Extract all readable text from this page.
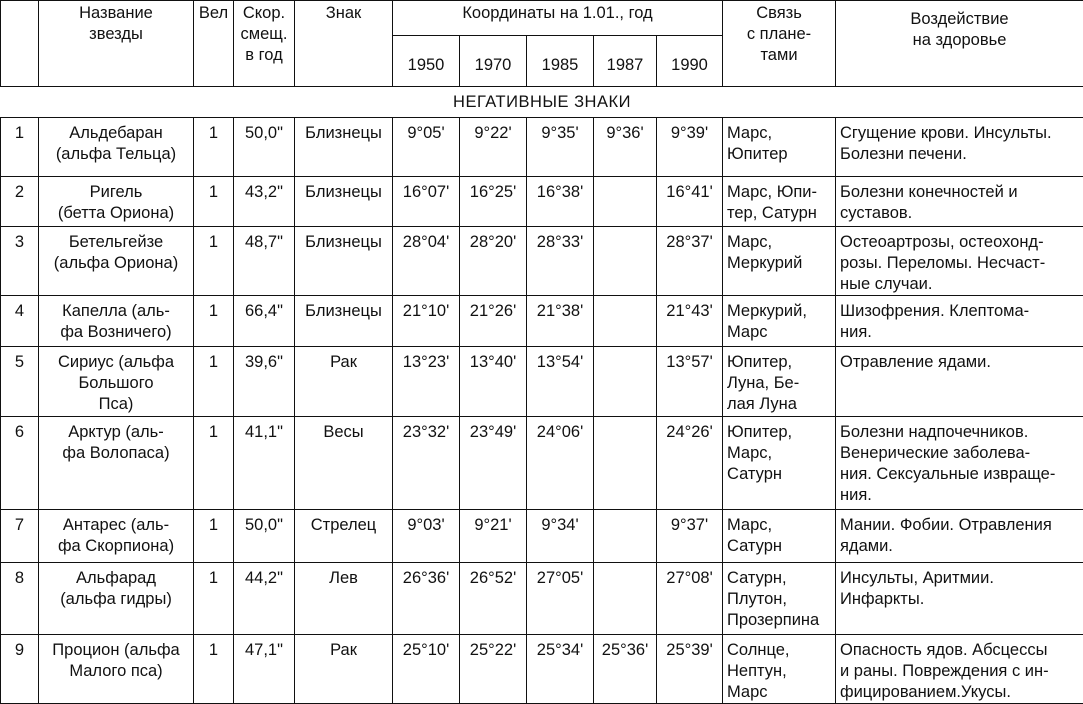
	Название
звезды	Вел	Скор.
смещ.
в год	Знак	Координаты на 1.01., год					Связь
с плане-
тами	Воздействие
на здоровье

					1950	1970	1985	1987	1990		
НЕГАТИВНЫЕ ЗНАКИ											
1	Альдебаран
(альфа Тельца)	1	50,0"	Близнецы	9°05'	9°22'	9°35'	9°36'	9°39'	Марс,
Юпитер	Сгущение крови. Инсульты.
Болезни печени.

2	Ригель
(бетта Ориона)	1	43,2"	Близнецы	16°07'	16°25'	16°38'		16°41'	Марс, Юпи-
тер, Сатурн	Болезни конечностей и
суставов.

3	Бетельгейзе
(альфа Ориона)	1	48,7"	Близнецы	28°04'	28°20'	28°33'		28°37'	Марс,
Меркурий	Остеоартрозы, остеохонд-
розы. Переломы. Несчаст-
ные случаи.

4	Капелла (аль-
фа Возничего)	1	66,4"	Близнецы	21°10'	21°26'	21°38'		21°43'	Меркурий,
Марс	Шизофрения. Клептома-
ния.

5	Сириус (альфа
Большого
Пса)	1	39,6"	Рак	13°23'	13°40'	13°54'		13°57'	Юпитер,
Луна, Бе-
лая Луна	Отравление ядами.

6	Арктур (аль-
фа Волопаса)	1	41,1"	Весы	23°32'	23°49'	24°06'		24°26'	Юпитер,
Марс,
Сатурн	Болезни надпочечников.
Венерические заболева-
ния. Сексуальные извраще-
ния.

7	Антарес (аль-
фа Скорпиона)	1	50,0"	Стрелец	9°03'	9°21'	9°34'		9°37'	Марс,
Сатурн	Мании. Фобии. Отравления
ядами.

8	Альфарад
(альфа гидры)	1	44,2"	Лев	26°36'	26°52'	27°05'		27°08'	Сатурн,
Плутон,
Прозерпина	Инсульты, Аритмии.
Инфаркты.

9	Процион (альфа
Малого пса)	1	47,1"	Рак	25°10'	25°22'	25°34'	25°36'	25°39'	Солнце,
Нептун,
Марс	Опасность ядов. Абсцессы
и раны. Повреждения с ин-
фицированием.Укусы.
